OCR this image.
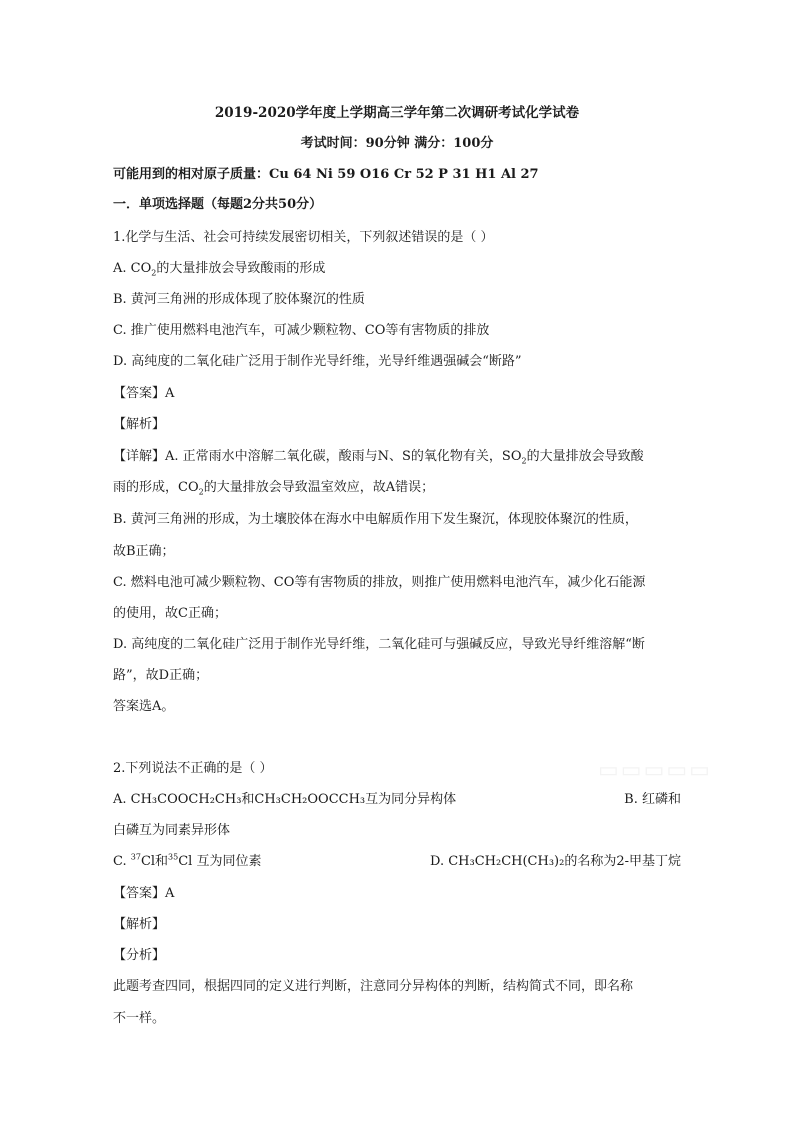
2019-2020学年度上学期高三学年第二次调研考试化学试卷
考试时间：90分钟 满分：100分
可能用到的相对原子质量：Cu 64 Ni 59 O16 Cr 52 P 31 H1 Al 27
一．单项选择题（每题2分共50分）
1.化学与生活、社会可持续发展密切相关，下列叙述错误的是（ ）
A. $CO_2$的大量排放会导致酸雨的形成
B. 黄河三角洲的形成体现了胶体聚沉的性质
C. 推广使用燃料电池汽车，可减少颗粒物、CO等有害物质的排放
D. 高纯度的二氧化硅广泛用于制作光导纤维，光导纤维遇强碱会“断路”
【答案】A
【解析】
【详解】A. 正常雨水中溶解二氧化碳，酸雨与N、S的氧化物有关，$SO_2$的大量排放会导致酸
雨的形成，$CO_2$的大量排放会导致温室效应，故A错误；
B. 黄河三角洲的形成，为土壤胶体在海水中电解质作用下发生聚沉，体现胶体聚沉的性质，
故B正确；
C. 燃料电池可减少颗粒物、CO等有害物质的排放，则推广使用燃料电池汽车，减少化石能源
的使用，故C正确；
D. 高纯度的二氧化硅广泛用于制作光导纤维，二氧化硅可与强碱反应，导致光导纤维溶解“断
路”，故D正确；
答案选A。
2.下列说法不正确的是（ ）
A. CH₃COOCH₂CH₃和CH₃CH₂OOCCH₃互为同分异构体	B. 红磷和
白磷互为同素异形体
C. $^{37}$Cl和$^{35}$Cl 互为同位素	D. CH₃CH₂CH(CH₃)₂的名称为2-甲基丁烷
【答案】A
【解析】
【分析】
此题考查四同，根据四同的定义进行判断，注意同分异构体的判断，结构简式不同，即名称
不一样。
▭▭▭▭▭
